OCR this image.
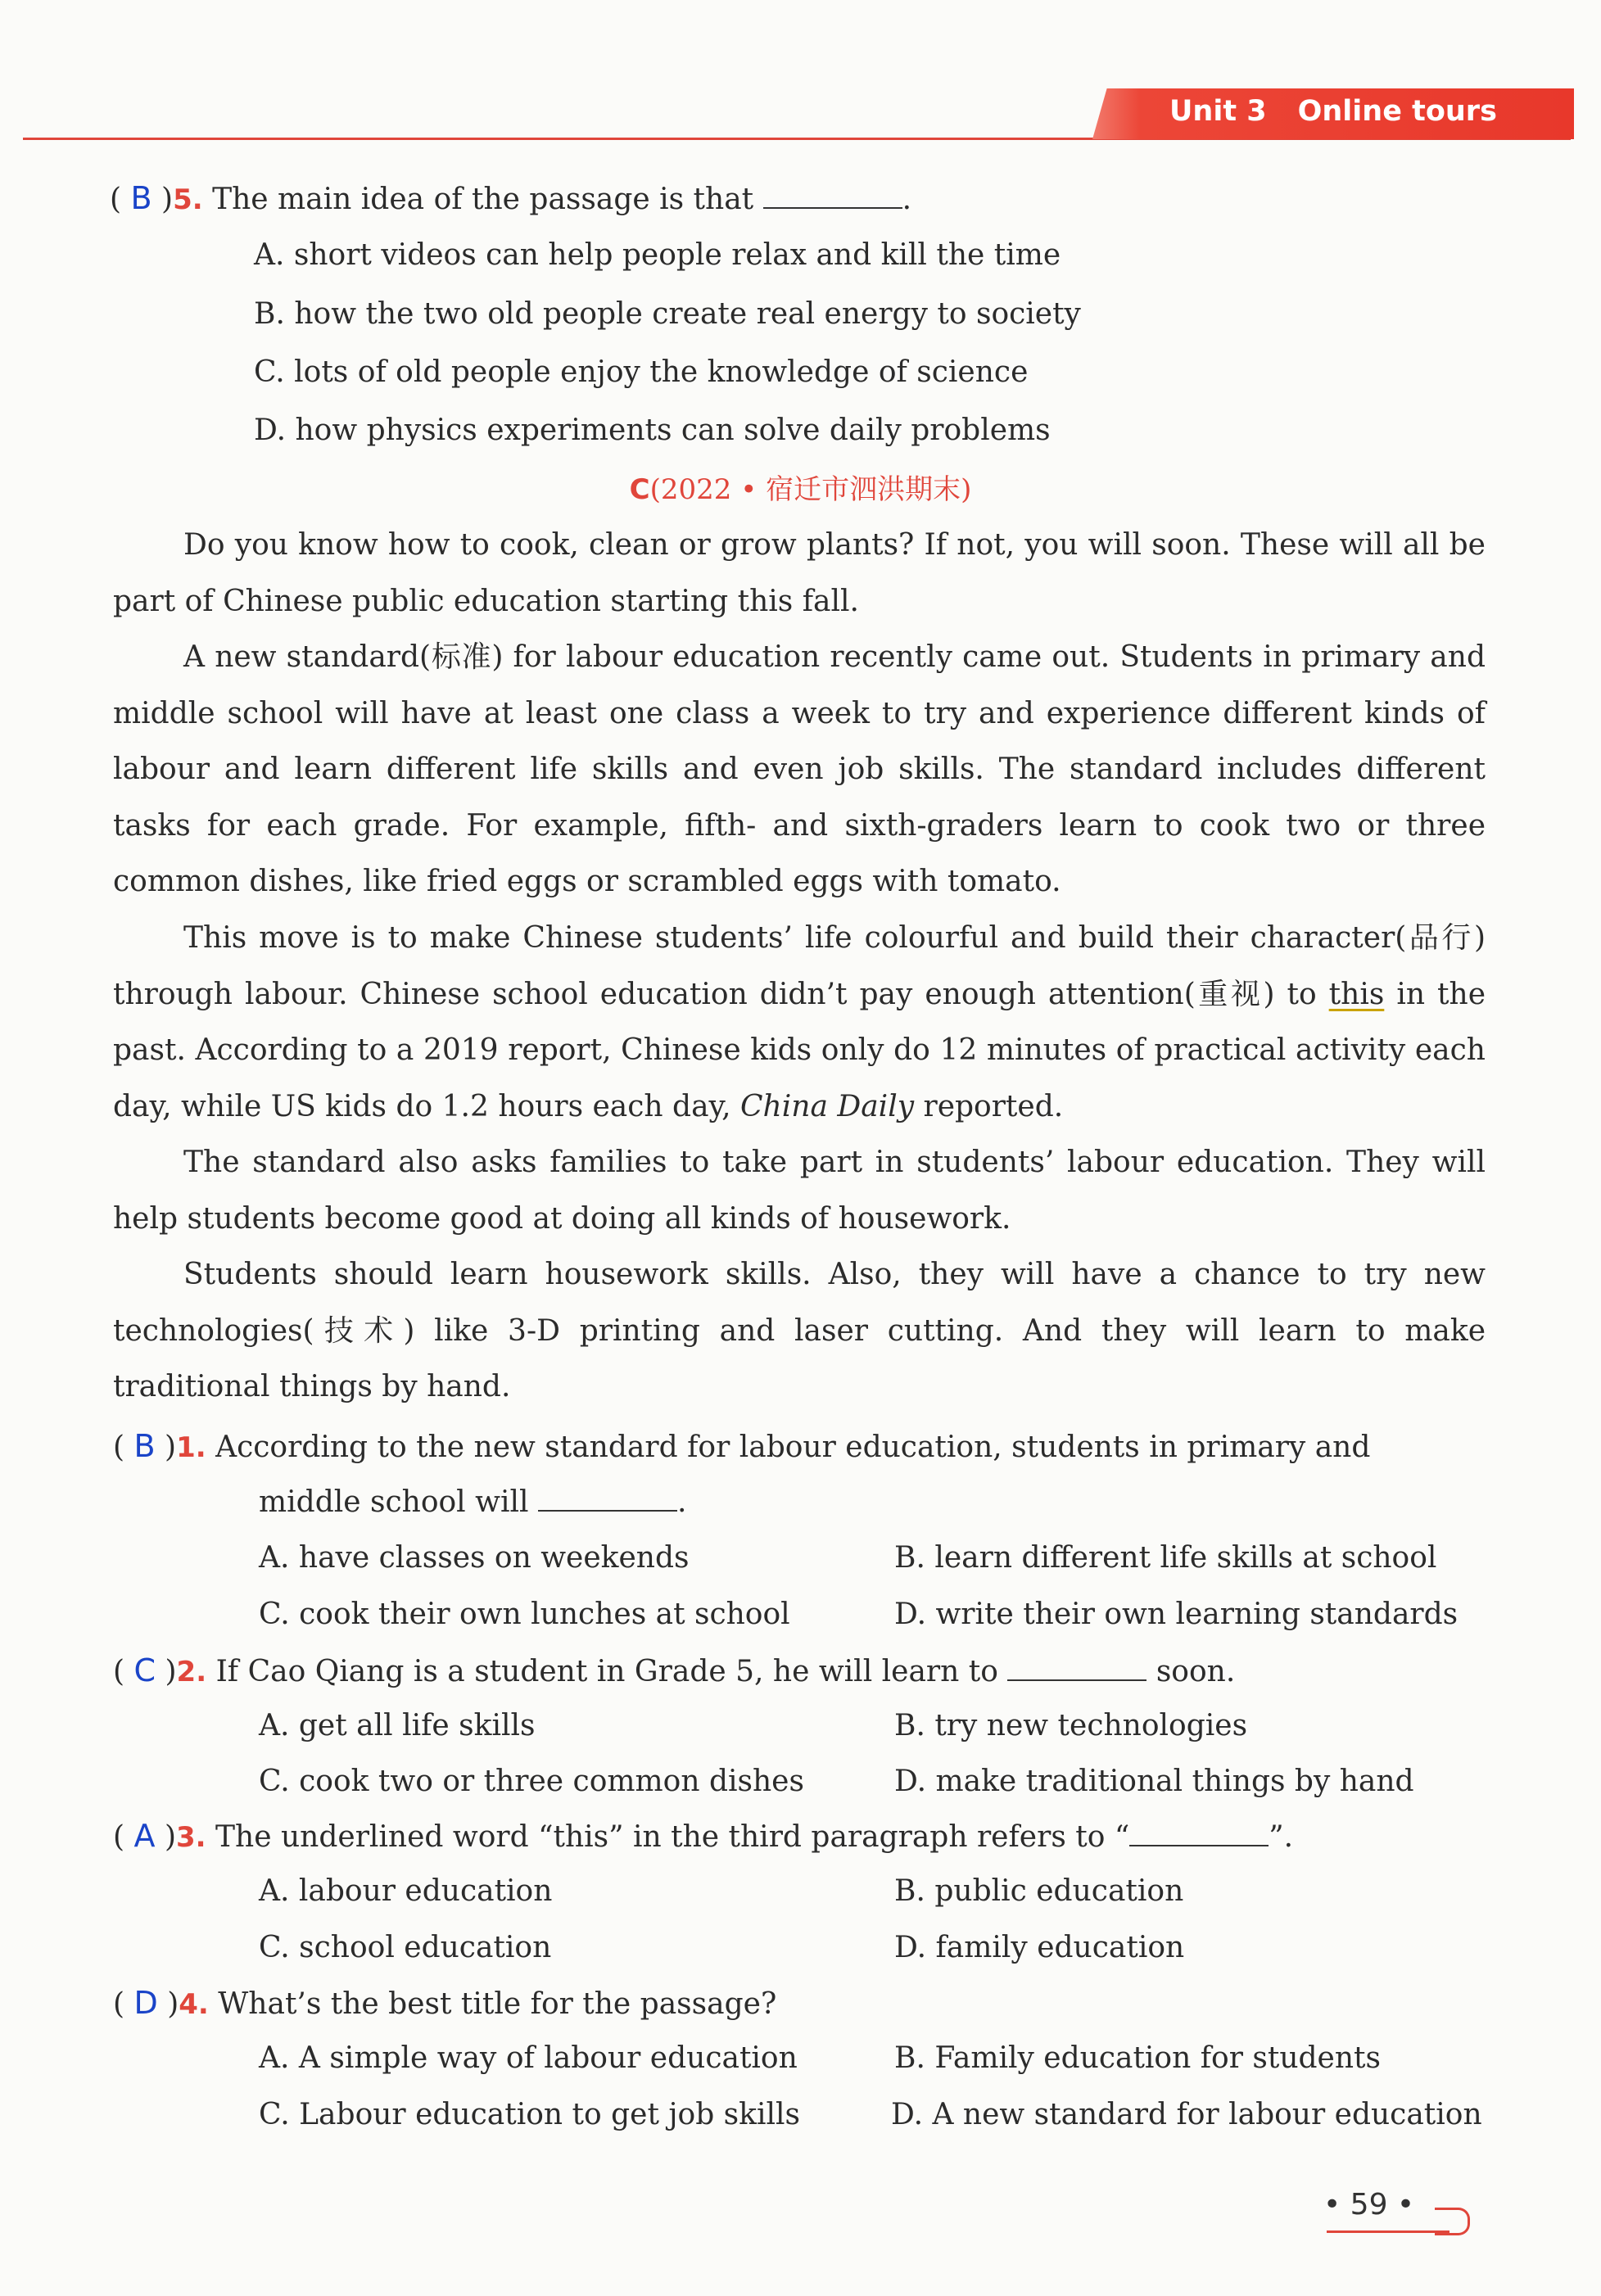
Unit 3 Online tours
( B )5. The main idea of the passage is that	.
A. short videos can help people relax and kill the time
B. how the two old people create real energy to society
C. lots of old people enjoy the knowledge of science
D. how physics experiments can solve daily problems
C(2022 • 宿迁市泗洪期末)
Do you know how to cook, clean or grow plants? If not, you will soon. These will all be part of Chinese public education starting this fall.
A new standard(标准) for labour education recently came out. Students in primary and middle school will have at least one class a week to try and experience different kinds of labour and learn different life skills and even job skills. The standard includes different tasks for each grade. For example, fifth- and sixth-graders learn to cook two or three common dishes, like fried eggs or scrambled eggs with tomato.
This move is to make Chinese students’ life colourful and build their character(品行) through labour. Chinese school education didn’t pay enough attention(重视) to this in the past. According to a 2019 report, Chinese kids only do 12 minutes of practical activity each day, while US kids do 1.2 hours each day, China Daily reported.
The standard also asks families to take part in students’ labour education. They will help students become good at doing all kinds of housework.
Students should learn housework skills. Also, they will have a chance to try new technologies(技术) like 3-D printing and laser cutting. And they will learn to make traditional things by hand.
( B )1. According to the new standard for labour education, students in primary and
middle school will	.
A. have classes on weekends	B. learn different life skills at school
C. cook their own lunches at school	D. write their own learning standards
( C )2. If Cao Qiang is a student in Grade 5, he will learn to	soon.
A. get all life skills	B. try new technologies
C. cook two or three common dishes	D. make traditional things by hand
( A )3. The underlined word “this” in the third paragraph refers to “	”.
A. labour education	B. public education
C. school education	D. family education
( D )4. What’s the best title for the passage?
A. A simple way of labour education	B. Family education for students
C. Labour education to get job skills	D. A new standard for labour education
• 59 •
